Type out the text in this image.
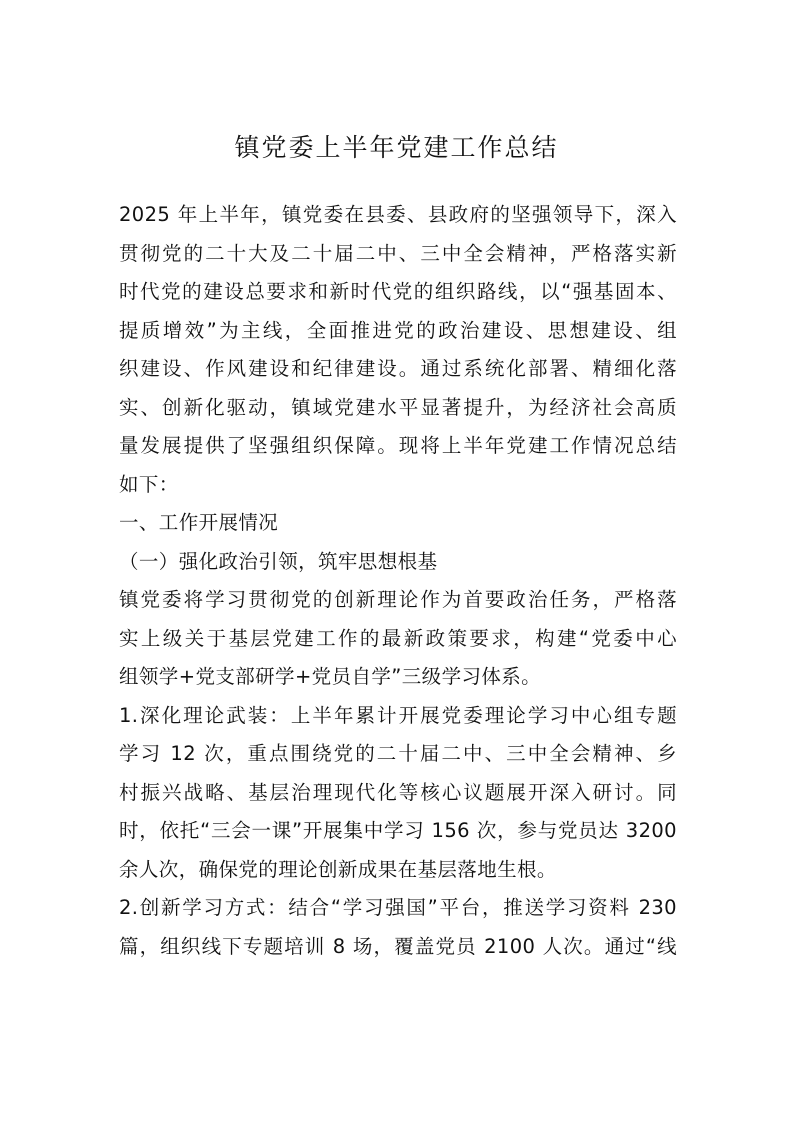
镇党委上半年党建工作总结
2025 年上半年，镇党委在县委、县政府的坚强领导下，深入
贯彻党的二十大及二十届二中、三中全会精神，严格落实新
时代党的建设总要求和新时代党的组织路线，以“强基固本、
提质增效”为主线，全面推进党的政治建设、思想建设、组
织建设、作风建设和纪律建设。通过系统化部署、精细化落
实、创新化驱动，镇域党建水平显著提升，为经济社会高质
量发展提供了坚强组织保障。现将上半年党建工作情况总结
如下：
一、工作开展情况
（一）强化政治引领，筑牢思想根基
镇党委将学习贯彻党的创新理论作为首要政治任务，严格落
实上级关于基层党建工作的最新政策要求，构建“党委中心
组领学+党支部研学+党员自学”三级学习体系。
1.深化理论武装：上半年累计开展党委理论学习中心组专题
学习 12 次，重点围绕党的二十届二中、三中全会精神、乡
村振兴战略、基层治理现代化等核心议题展开深入研讨。同
时，依托“三会一课”开展集中学习 156 次，参与党员达 3200
余人次，确保党的理论创新成果在基层落地生根。
2.创新学习方式：结合“学习强国”平台，推送学习资料 230
篇，组织线下专题培训 8 场，覆盖党员 2100 人次。通过“线
